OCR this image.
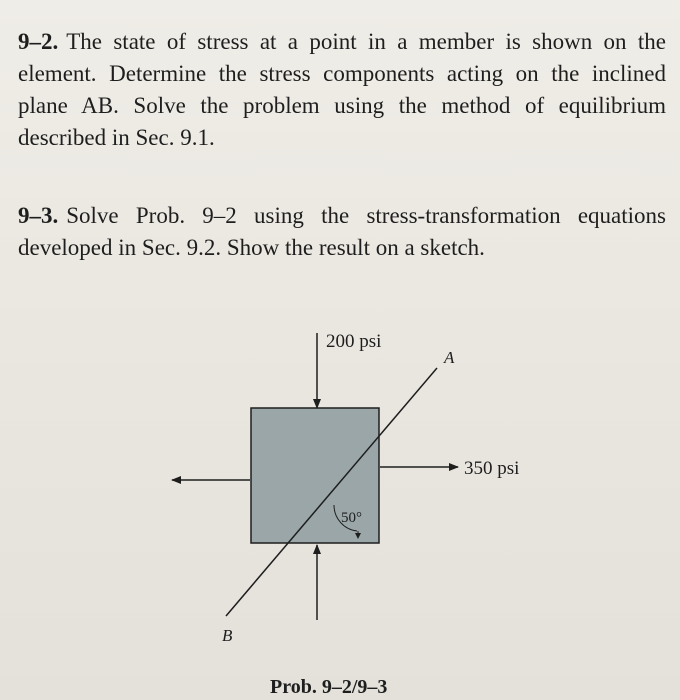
9–2. The state of stress at a point in a member is shown on the element. Determine the stress components acting on the inclined plane AB. Solve the problem using the method of equilibrium described in Sec. 9.1.
9–3. Solve Prob. 9–2 using the stress-transformation equations developed in Sec. 9.2. Show the result on a sketch.
200 psi
350 psi
50°
A
B
Prob. 9–2/9–3
